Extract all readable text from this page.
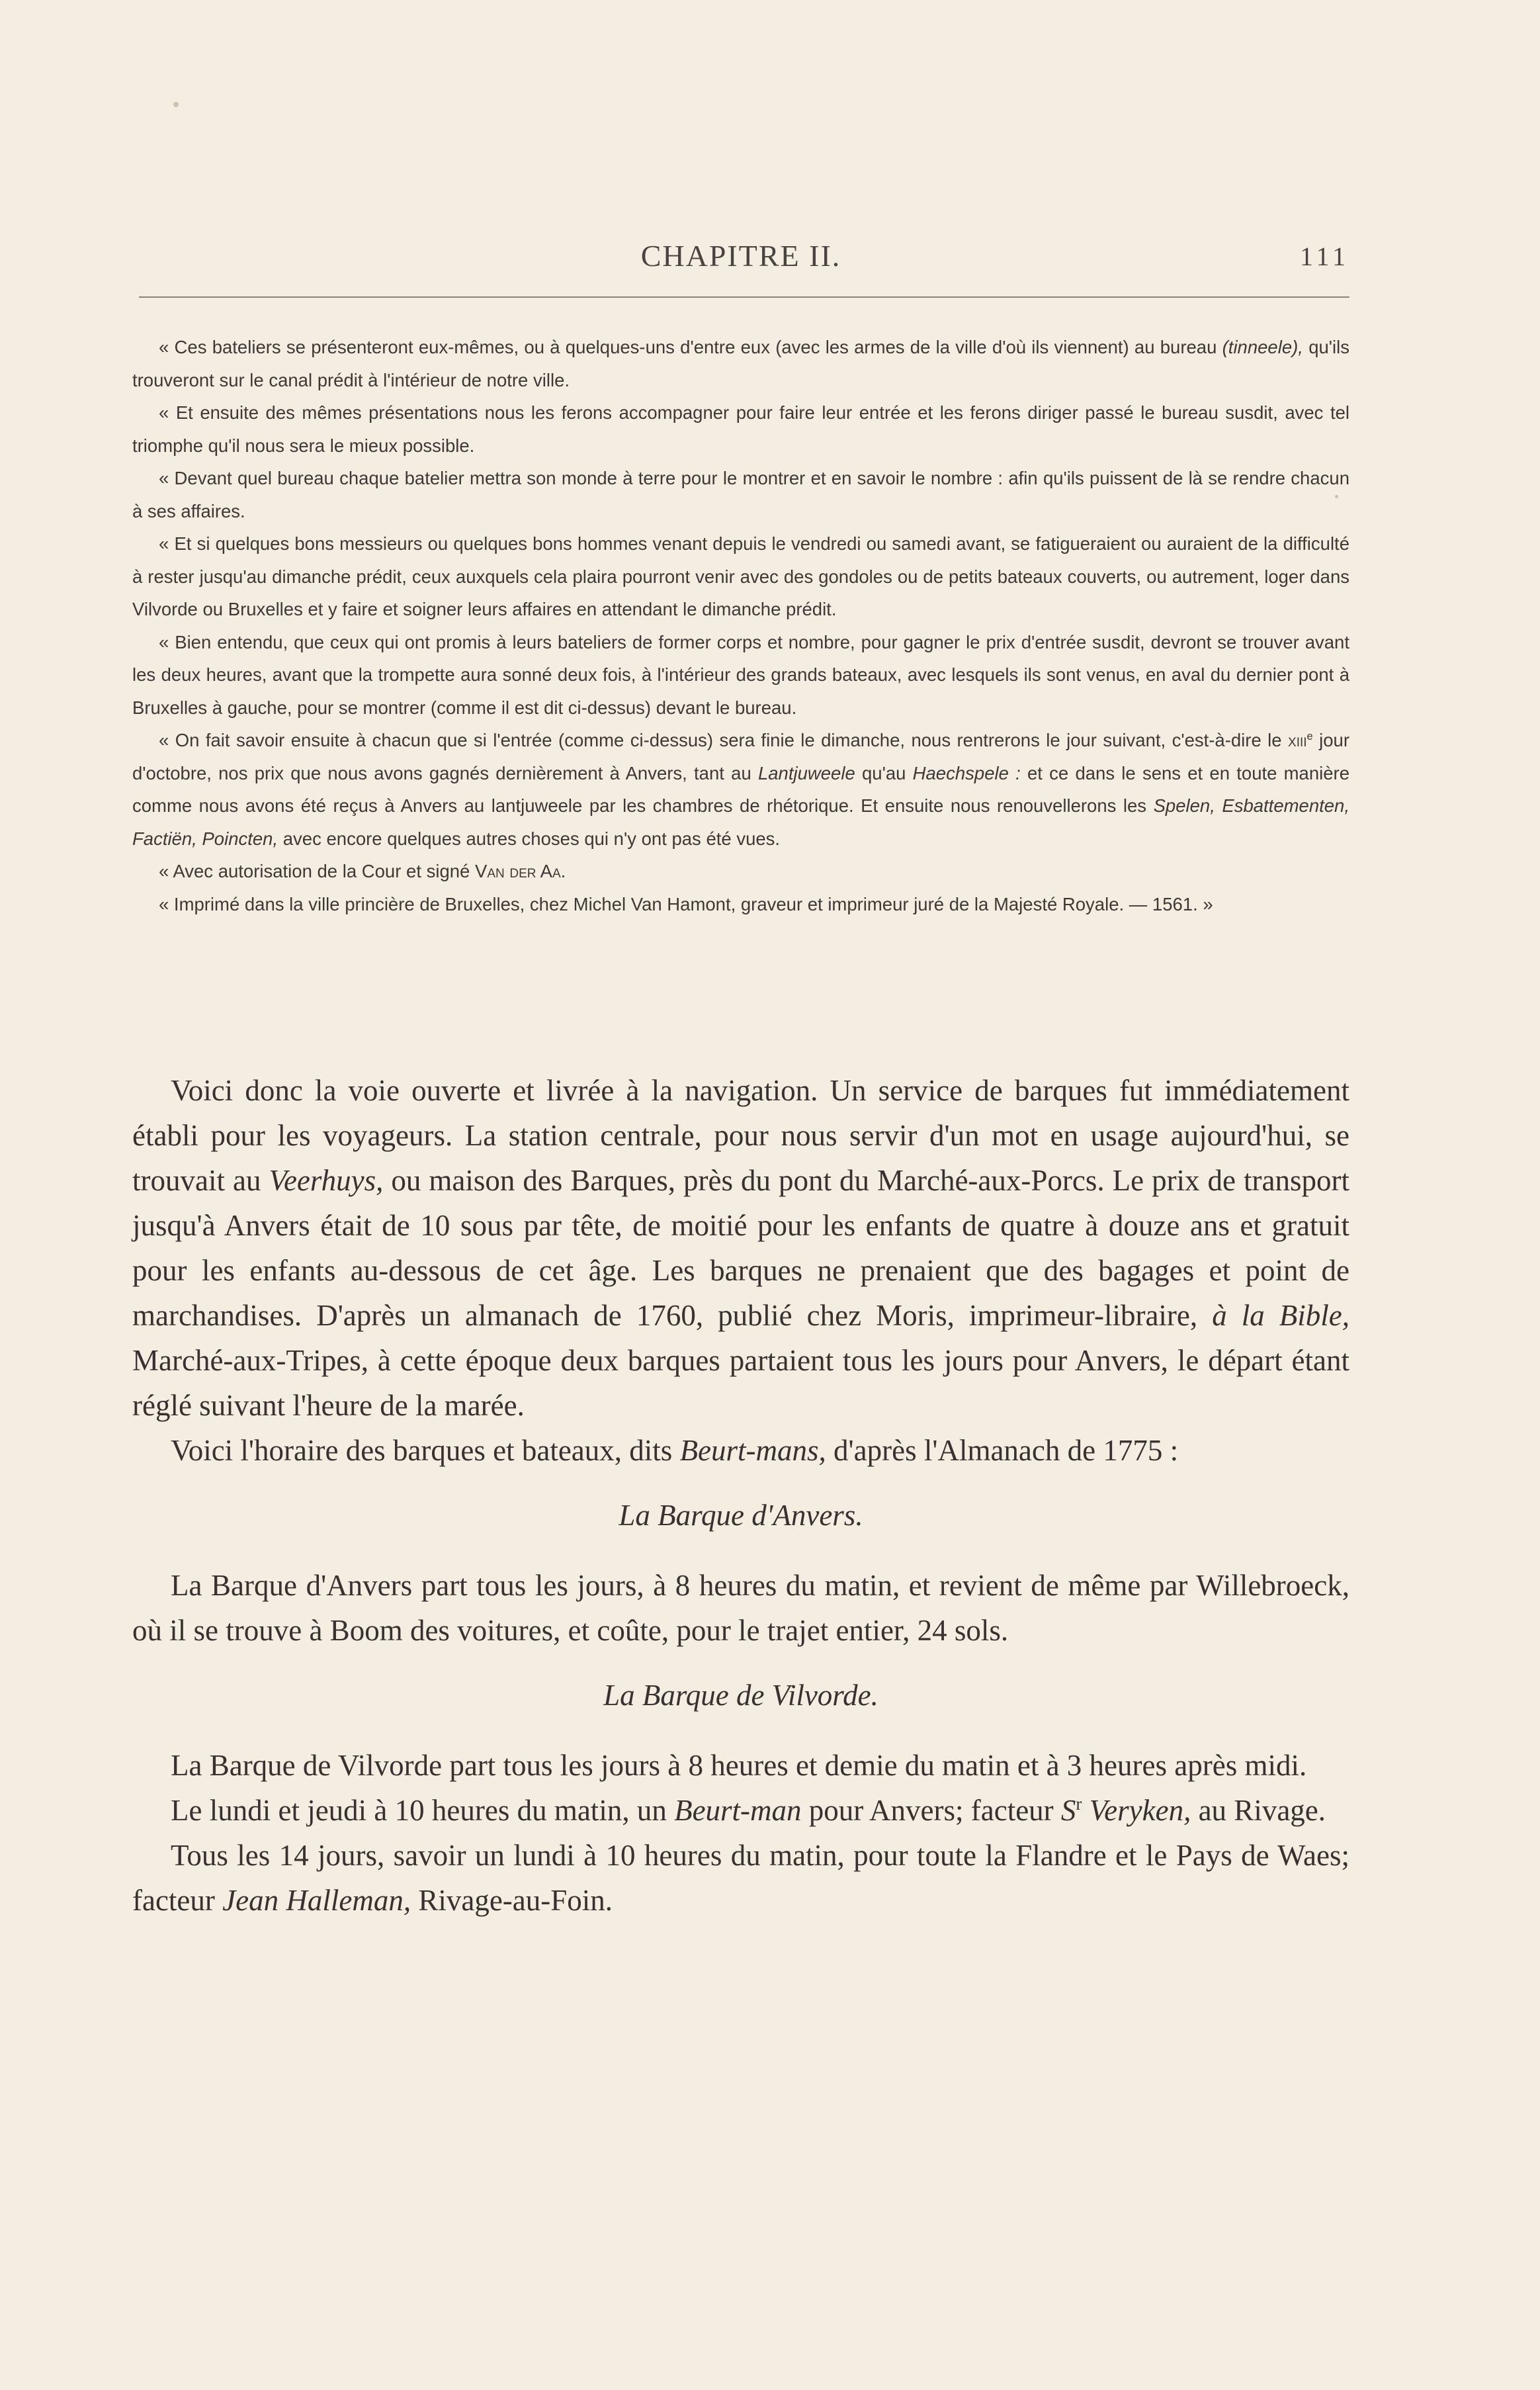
CHAPITRE II.	111

« Ces bateliers se présenteront eux-mêmes, ou à quelques-uns d'entre eux (avec les armes de la ville d'où ils viennent) au bureau (tinneele), qu'ils trouveront sur le canal prédit à l'intérieur de notre ville.

« Et ensuite des mêmes présentations nous les ferons accompagner pour faire leur entrée et les ferons diriger passé le bureau susdit, avec tel triomphe qu'il nous sera le mieux possible.

« Devant quel bureau chaque batelier mettra son monde à terre pour le montrer et en savoir le nombre : afin qu'ils puissent de là se rendre chacun à ses affaires.

« Et si quelques bons messieurs ou quelques bons hommes venant depuis le vendredi ou samedi avant, se fatigueraient ou auraient de la difficulté à rester jusqu'au dimanche prédit, ceux auxquels cela plaira pourront venir avec des gondoles ou de petits bateaux couverts, ou autrement, loger dans Vilvorde ou Bruxelles et y faire et soigner leurs affaires en attendant le dimanche prédit.

« Bien entendu, que ceux qui ont promis à leurs bateliers de former corps et nombre, pour gagner le prix d'entrée susdit, devront se trouver avant les deux heures, avant que la trompette aura sonné deux fois, à l'intérieur des grands bateaux, avec lesquels ils sont venus, en aval du dernier pont à Bruxelles à gauche, pour se montrer (comme il est dit ci-dessus) devant le bureau.

« On fait savoir ensuite à chacun que si l'entrée (comme ci-dessus) sera finie le dimanche, nous rentrerons le jour suivant, c'est-à-dire le xiii$^e$ jour d'octobre, nos prix que nous avons gagnés dernièrement à Anvers, tant au Lantjuweele qu'au Haechspele : et ce dans le sens et en toute manière comme nous avons été reçus à Anvers au lantjuweele par les chambres de rhétorique. Et ensuite nous renouvellerons les Spelen, Esbattementen, Factiën, Poincten, avec encore quelques autres choses qui n'y ont pas été vues.

« Avec autorisation de la Cour et signé Van der Aa.

« Imprimé dans la ville princière de Bruxelles, chez Michel Van Hamont, graveur et imprimeur juré de la Majesté Royale. — 1561. »

Voici donc la voie ouverte et livrée à la navigation. Un service de barques fut immédiatement établi pour les voyageurs. La station centrale, pour nous servir d'un mot en usage aujourd'hui, se trouvait au Veerhuys, ou maison des Barques, près du pont du Marché-aux-Porcs. Le prix de transport jusqu'à Anvers était de 10 sous par tête, de moitié pour les enfants de quatre à douze ans et gratuit pour les enfants au-dessous de cet âge. Les barques ne prenaient que des bagages et point de marchandises. D'après un almanach de 1760, publié chez Moris, imprimeur-libraire, à la Bible, Marché-aux-Tripes, à cette époque deux barques partaient tous les jours pour Anvers, le départ étant réglé suivant l'heure de la marée.

Voici l'horaire des barques et bateaux, dits Beurt-mans, d'après l'Almanach de 1775 :

La Barque d'Anvers.

La Barque d'Anvers part tous les jours, à 8 heures du matin, et revient de même par Willebroeck, où il se trouve à Boom des voitures, et coûte, pour le trajet entier, 24 sols.

La Barque de Vilvorde.

La Barque de Vilvorde part tous les jours à 8 heures et demie du matin et à 3 heures après midi.

Le lundi et jeudi à 10 heures du matin, un Beurt-man pour Anvers; facteur $S^r$ Veryken, au Rivage.

Tous les 14 jours, savoir un lundi à 10 heures du matin, pour toute la Flandre et le Pays de Waes; facteur Jean Halleman, Rivage-au-Foin.
